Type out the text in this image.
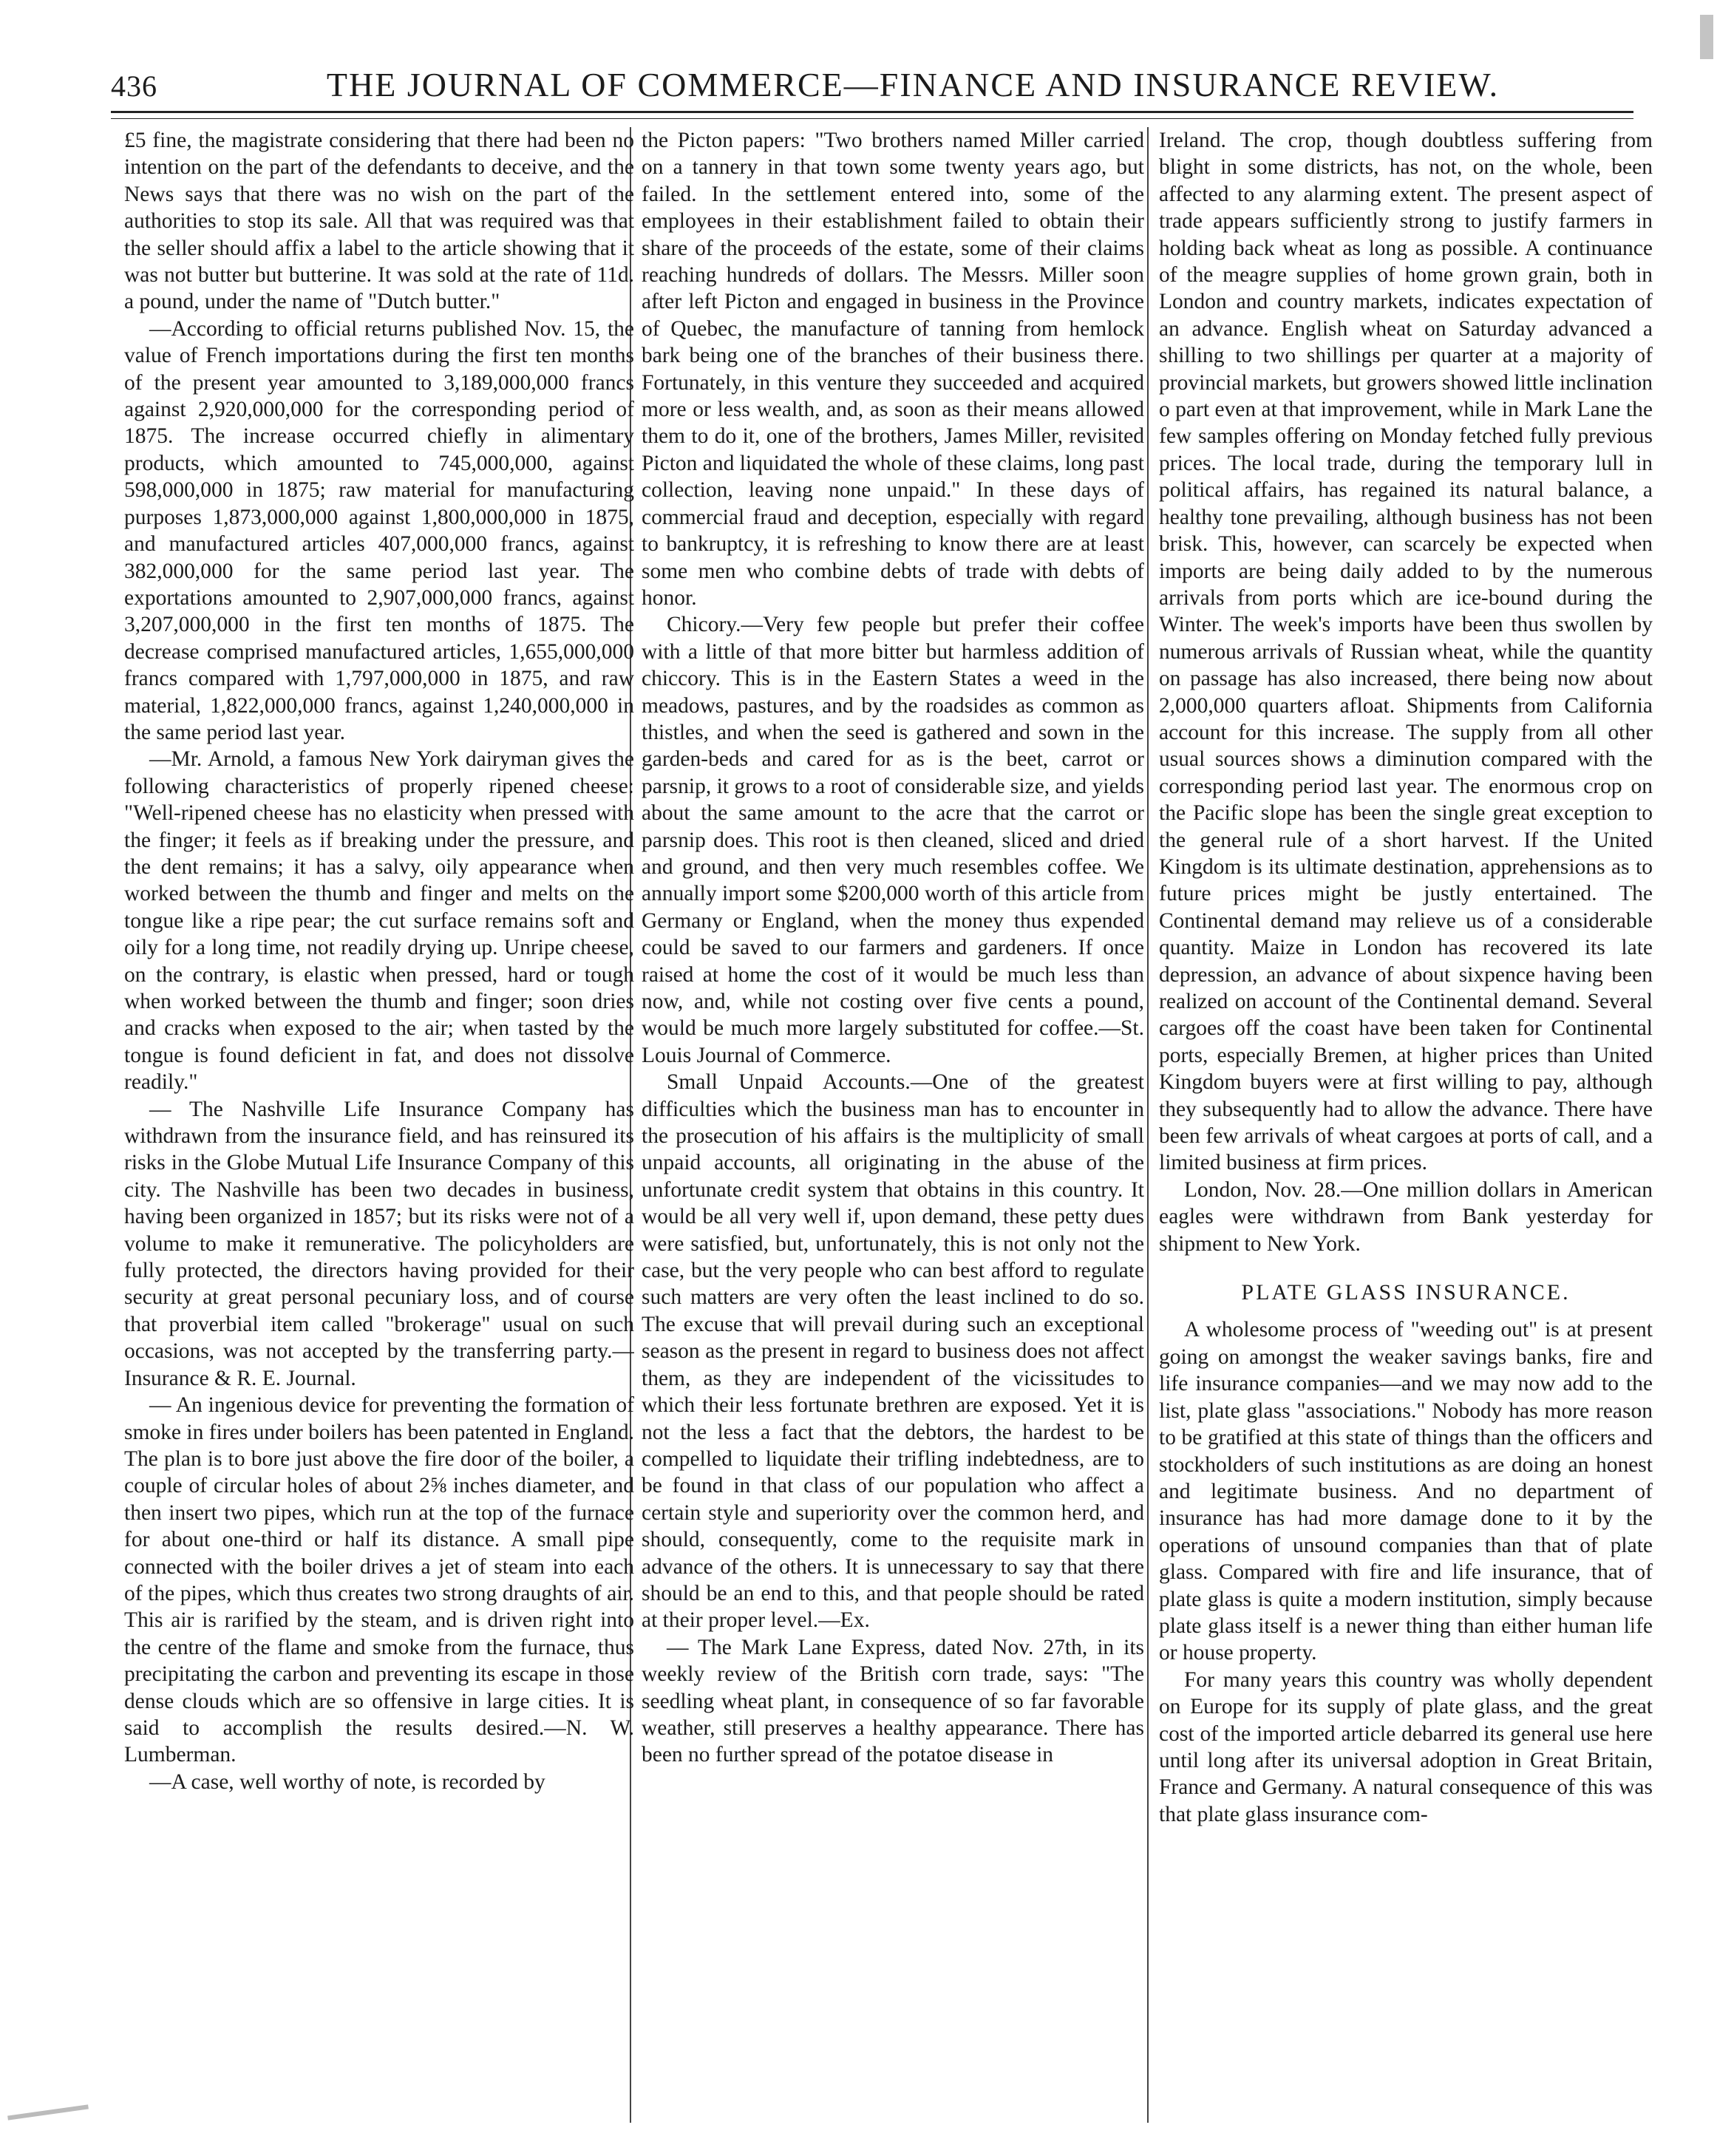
436	THE JOURNAL OF COMMERCE—FINANCE AND INSURANCE REVIEW.

£5 fine, the magistrate considering that there had been no intention on the part of the defendants to deceive, and the News says that there was no wish on the part of the authorities to stop its sale. All that was required was that the seller should affix a label to the article showing that it was not butter but butterine. It was sold at the rate of 11d. a pound, under the name of "Dutch butter."

—According to official returns published Nov. 15, the value of French importations during the first ten months of the present year amounted to 3,189,000,000 francs against 2,920,000,000 for the corresponding period of 1875. The increase occurred chiefly in alimentary products, which amounted to 745,000,000, against 598,000,000 in 1875; raw material for manufacturing purposes 1,873,000,000 against 1,800,000,000 in 1875, and manufactured articles 407,000,000 francs, against 382,000,000 for the same period last year. The exportations amounted to 2,907,000,000 francs, against 3,207,000,000 in the first ten months of 1875. The decrease comprised manufactured articles, 1,655,000,000 francs compared with 1,797,000,000 in 1875, and raw material, 1,822,000,000 francs, against 1,240,000,000 in the same period last year.

—Mr. Arnold, a famous New York dairyman gives the following characteristics of properly ripened cheese: "Well-ripened cheese has no elasticity when pressed with the finger; it feels as if breaking under the pressure, and the dent remains; it has a salvy, oily appearance when worked between the thumb and finger and melts on the tongue like a ripe pear; the cut surface remains soft and oily for a long time, not readily drying up. Unripe cheese, on the contrary, is elastic when pressed, hard or tough when worked between the thumb and finger; soon dries and cracks when exposed to the air; when tasted by the tongue is found deficient in fat, and does not dissolve readily."

— The Nashville Life Insurance Company has withdrawn from the insurance field, and has reinsured its risks in the Globe Mutual Life Insurance Company of this city. The Nashville has been two decades in business, having been organized in 1857; but its risks were not of a volume to make it remunerative. The policyholders are fully protected, the directors having provided for their security at great personal pecuniary loss, and of course that proverbial item called "brokerage" usual on such occasions, was not accepted by the transferring party.—Insurance & R. E. Journal.

— An ingenious device for preventing the formation of smoke in fires under boilers has been patented in England. The plan is to bore just above the fire door of the boiler, a couple of circular holes of about 2⅝ inches diameter, and then insert two pipes, which run at the top of the furnace for about one-third or half its distance. A small pipe connected with the boiler drives a jet of steam into each of the pipes, which thus creates two strong draughts of air. This air is rarified by the steam, and is driven right into the centre of the flame and smoke from the furnace, thus precipitating the carbon and preventing its escape in those dense clouds which are so offensive in large cities. It is said to accomplish the results desired.—N. W. Lumberman.

—A case, well worthy of note, is recorded by

the Picton papers: "Two brothers named Miller carried on a tannery in that town some twenty years ago, but failed. In the settlement entered into, some of the employees in their establishment failed to obtain their share of the proceeds of the estate, some of their claims reaching hundreds of dollars. The Messrs. Miller soon after left Picton and engaged in business in the Province of Quebec, the manufacture of tanning from hemlock bark being one of the branches of their business there. Fortunately, in this venture they succeeded and acquired more or less wealth, and, as soon as their means allowed them to do it, one of the brothers, James Miller, revisited Picton and liquidated the whole of these claims, long past collection, leaving none unpaid." In these days of commercial fraud and deception, especially with regard to bankruptcy, it is refreshing to know there are at least some men who combine debts of trade with debts of honor.

Chicory.—Very few people but prefer their coffee with a little of that more bitter but harmless addition of chiccory. This is in the Eastern States a weed in the meadows, pastures, and by the roadsides as common as thistles, and when the seed is gathered and sown in the garden-beds and cared for as is the beet, carrot or parsnip, it grows to a root of considerable size, and yields about the same amount to the acre that the carrot or parsnip does. This root is then cleaned, sliced and dried and ground, and then very much resembles coffee. We annually import some $200,000 worth of this article from Germany or England, when the money thus expended could be saved to our farmers and gardeners. If once raised at home the cost of it would be much less than now, and, while not costing over five cents a pound, would be much more largely substituted for coffee.—St. Louis Journal of Commerce.

Small Unpaid Accounts.—One of the greatest difficulties which the business man has to encounter in the prosecution of his affairs is the multiplicity of small unpaid accounts, all originating in the abuse of the unfortunate credit system that obtains in this country. It would be all very well if, upon demand, these petty dues were satisfied, but, unfortunately, this is not only not the case, but the very people who can best afford to regulate such matters are very often the least inclined to do so. The excuse that will prevail during such an exceptional season as the present in regard to business does not affect them, as they are independent of the vicissitudes to which their less fortunate brethren are exposed. Yet it is not the less a fact that the debtors, the hardest to be compelled to liquidate their trifling indebtedness, are to be found in that class of our population who affect a certain style and superiority over the common herd, and should, consequently, come to the requisite mark in advance of the others. It is unnecessary to say that there should be an end to this, and that people should be rated at their proper level.—Ex.

— The Mark Lane Express, dated Nov. 27th, in its weekly review of the British corn trade, says: "The seedling wheat plant, in consequence of so far favorable weather, still preserves a healthy appearance. There has been no further spread of the potatoe disease in

Ireland. The crop, though doubtless suffering from blight in some districts, has not, on the whole, been affected to any alarming extent. The present aspect of trade appears sufficiently strong to justify farmers in holding back wheat as long as possible. A continuance of the meagre supplies of home grown grain, both in London and country markets, indicates expectation of an advance. English wheat on Saturday advanced a shilling to two shillings per quarter at a majority of provincial markets, but growers showed little inclination o part even at that improvement, while in Mark Lane the few samples offering on Monday fetched fully previous prices. The local trade, during the temporary lull in political affairs, has regained its natural balance, a healthy tone prevailing, although business has not been brisk. This, however, can scarcely be expected when imports are being daily added to by the numerous arrivals from ports which are ice-bound during the Winter. The week's imports have been thus swollen by numerous arrivals of Russian wheat, while the quantity on passage has also increased, there being now about 2,000,000 quarters afloat. Shipments from California account for this increase. The supply from all other usual sources shows a diminution compared with the corresponding period last year. The enormous crop on the Pacific slope has been the single great exception to the general rule of a short harvest. If the United Kingdom is its ultimate destination, apprehensions as to future prices might be justly entertained. The Continental demand may relieve us of a considerable quantity. Maize in London has recovered its late depression, an advance of about sixpence having been realized on account of the Continental demand. Several cargoes off the coast have been taken for Continental ports, especially Bremen, at higher prices than United Kingdom buyers were at first willing to pay, although they subsequently had to allow the advance. There have been few arrivals of wheat cargoes at ports of call, and a limited business at firm prices.

London, Nov. 28.—One million dollars in American eagles were withdrawn from Bank yesterday for shipment to New York.

PLATE GLASS INSURANCE.

A wholesome process of "weeding out" is at present going on amongst the weaker savings banks, fire and life insurance companies—and we may now add to the list, plate glass "associations." Nobody has more reason to be gratified at this state of things than the officers and stockholders of such institutions as are doing an honest and legitimate business. And no department of insurance has had more damage done to it by the operations of unsound companies than that of plate glass. Compared with fire and life insurance, that of plate glass is quite a modern institution, simply because plate glass itself is a newer thing than either human life or house property.

For many years this country was wholly dependent on Europe for its supply of plate glass, and the great cost of the imported article debarred its general use here until long after its universal adoption in Great Britain, France and Germany. A natural consequence of this was that plate glass insurance com-
